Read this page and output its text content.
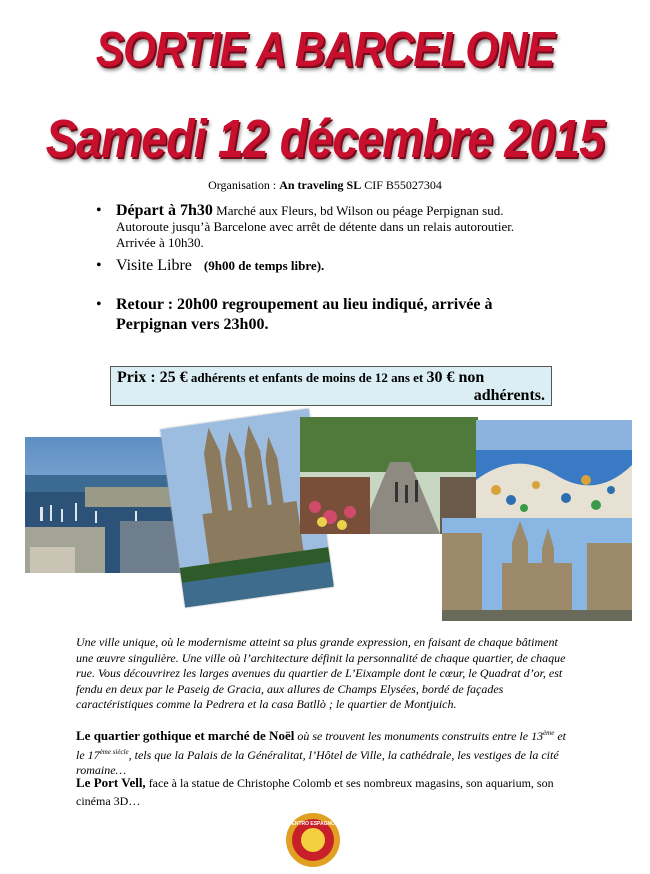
SORTIE A BARCELONE
Samedi 12 décembre 2015
Organisation : An traveling SL CIF B55027304
• Départ à 7h30 Marché aux Fleurs, bd Wilson ou péage Perpignan sud. Autoroute jusqu’à Barcelone avec arrêt de détente dans un relais autoroutier. Arrivée à 10h30.
• Visite Libre (9h00 de temps libre).
• Retour : 20h00 regroupement au lieu indiqué, arrivée à Perpignan vers 23h00.
Prix : 25 € adhérents et enfants de moins de 12 ans et 30 € non

adhérents.
Une ville unique, où le modernisme atteint sa plus grande expression, en faisant de chaque bâtiment une œuvre singulière. Une ville où l’architecture définit la personnalité de chaque quartier, de chaque rue. Vous découvrirez les larges avenues du quartier de L’Eixample dont le cœur, le Quadrat d’or, est fendu en deux par le Paseig de Gracia, aux allures de Champs Elysées, bordé de façades caractéristiques comme la Pedrera et la casa Batllò ; le quartier de Montjuich.
Le quartier gothique et marché de Noël où se trouvent les monuments construits entre le 13ème et le $17^{ème siècle}$, tels que la Palais de la Généralitat, l’Hôtel de Ville, la cathédrale, les vestiges de la cité romaine…
Le Port Vell, face à la statue de Christophe Colomb et ses nombreux magasins, son aquarium, son cinéma 3D…
CENTRO ESPAGNOL
